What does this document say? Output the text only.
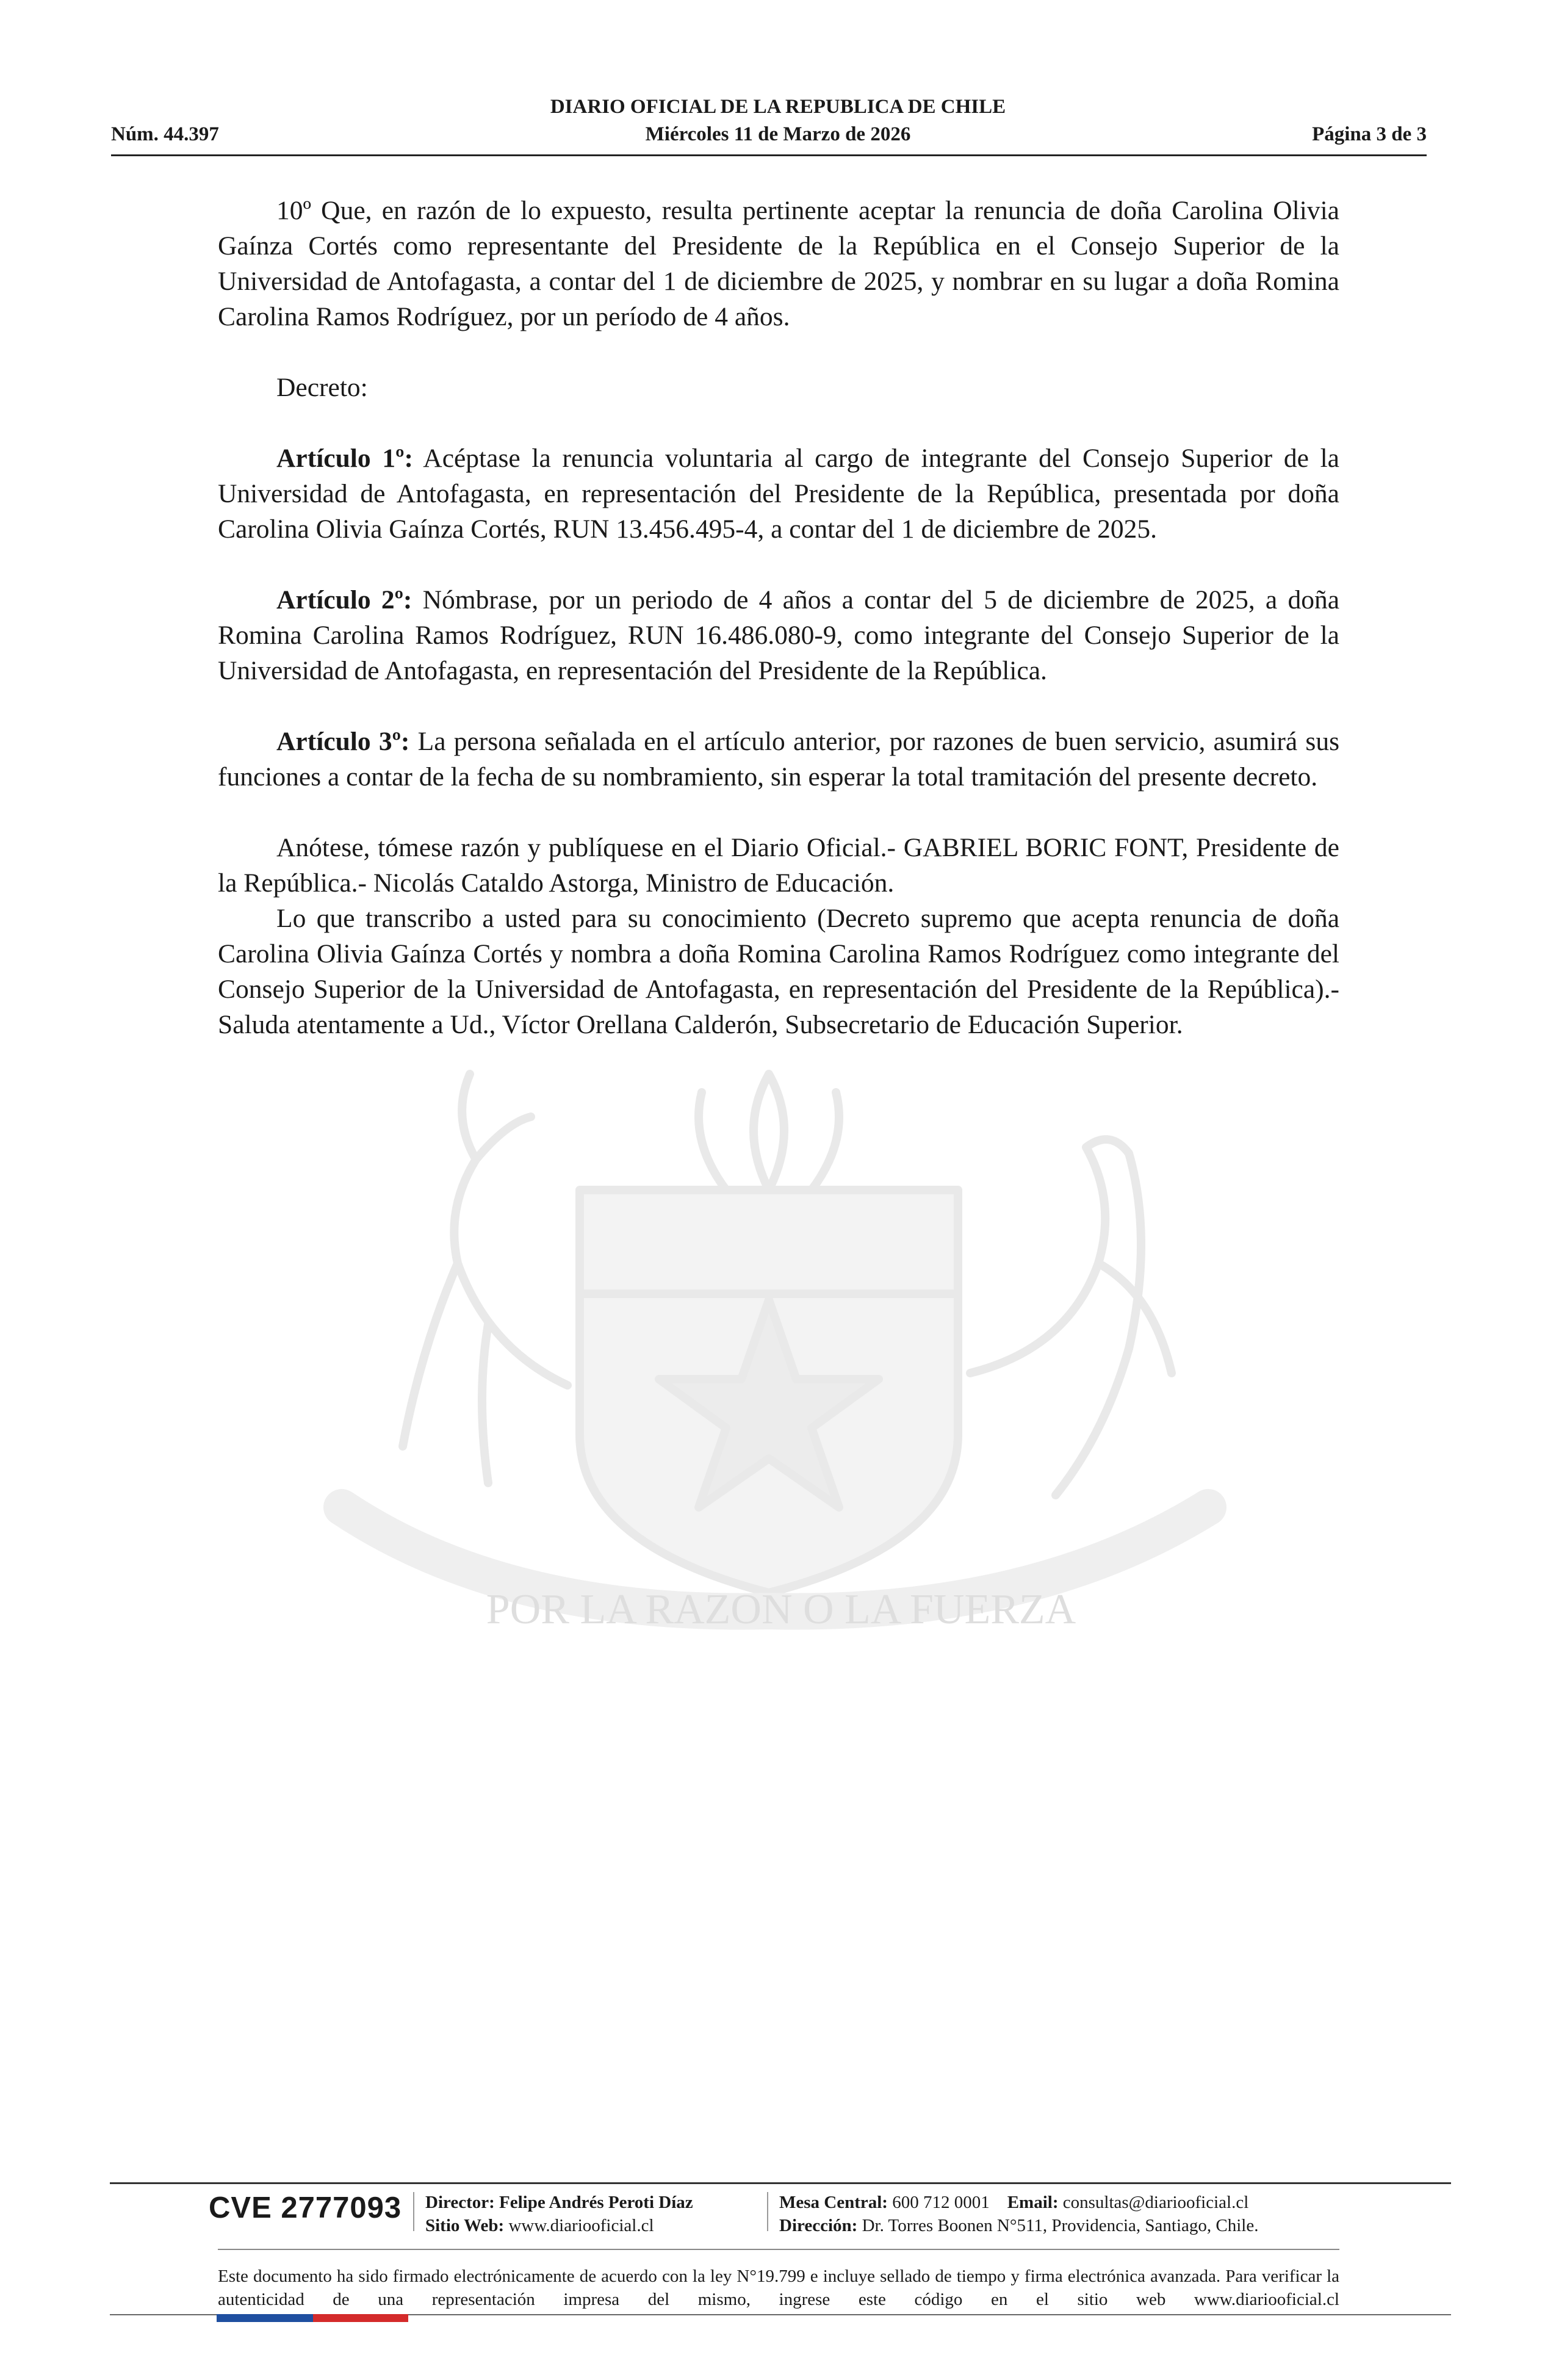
DIARIO OFICIAL DE LA REPUBLICA DE CHILE
Núm. 44.397	Miércoles 11 de Marzo de 2026	Página 3 de 3
POR LA RAZON O LA FUERZA

10º Que, en razón de lo expuesto, resulta pertinente aceptar la renuncia de doña Carolina Olivia Gaínza Cortés como representante del Presidente de la República en el Consejo Superior de la Universidad de Antofagasta, a contar del 1 de diciembre de 2025, y nombrar en su lugar a doña Romina Carolina Ramos Rodríguez, por un período de 4 años.

Decreto:

Artículo 1º: Acéptase la renuncia voluntaria al cargo de integrante del Consejo Superior de la Universidad de Antofagasta, en representación del Presidente de la República, presentada por doña Carolina Olivia Gaínza Cortés, RUN 13.456.495-4, a contar del 1 de diciembre de 2025.

Artículo 2º: Nómbrase, por un periodo de 4 años a contar del 5 de diciembre de 2025, a doña Romina Carolina Ramos Rodríguez, RUN 16.486.080-9, como integrante del Consejo Superior de la Universidad de Antofagasta, en representación del Presidente de la República.

Artículo 3º: La persona señalada en el artículo anterior, por razones de buen servicio, asumirá sus funciones a contar de la fecha de su nombramiento, sin esperar la total tramitación del presente decreto.

Anótese, tómese razón y publíquese en el Diario Oficial.- GABRIEL BORIC FONT, Presidente de la República.- Nicolás Cataldo Astorga, Ministro de Educación.

Lo que transcribo a usted para su conocimiento (Decreto supremo que acepta renuncia de doña Carolina Olivia Gaínza Cortés y nombra a doña Romina Carolina Ramos Rodríguez como integrante del Consejo Superior de la Universidad de Antofagasta, en representación del Presidente de la República).- Saluda atentamente a Ud., Víctor Orellana Calderón, Subsecretario de Educación Superior.

CVE 2777093 Director: Felipe Andrés Peroti Díaz
Sitio Web: www.diariooficial.cl
Mesa Central: 600 712 0001 Email: consultas@diariooficial.cl
Dirección: Dr. Torres Boonen N°511, Providencia, Santiago, Chile.
Este documento ha sido firmado electrónicamente de acuerdo con la ley N°19.799 e incluye sellado de tiempo y firma electrónica avanzada. Para verificar la autenticidad de una representación impresa del mismo, ingrese este código en el sitio web www.diariooficial.cl
